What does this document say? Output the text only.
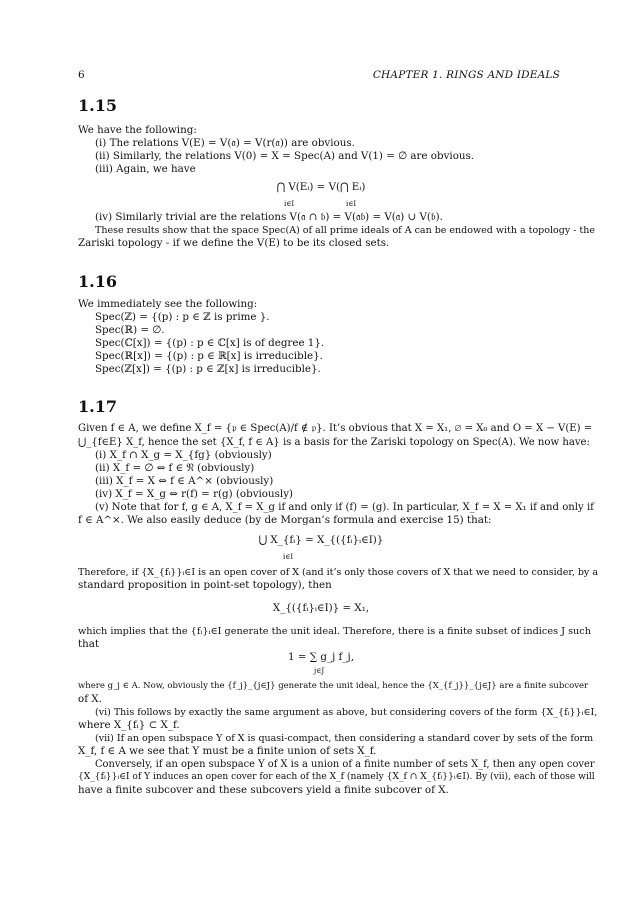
6	CHAPTER 1. RINGS AND IDEALS
1.15
We have the following:
(i) The relations V(E) = V(𝔞) = V(r(𝔞)) are obvious.
(ii) Similarly, the relations V(0) = X = Spec(A) and V(1) = ∅ are obvious.
(iii) Again, we have
⋂ V(Eᵢ) = V(⋂ Eᵢ)
i∈I	i∈I
(iv) Similarly trivial are the relations V(𝔞 ∩ 𝔟) = V(𝔞𝔟) = V(𝔞) ∪ V(𝔟).
These results show that the space Spec(A) of all prime ideals of A can be endowed with a topology - the
Zariski topology - if we define the V(E) to be its closed sets.
1.16
We immediately see the following:
Spec(ℤ) = {(p) : p ∈ ℤ is prime }.
Spec(ℝ) = ∅.
Spec(ℂ[x]) = {(p) : p ∈ ℂ[x] is of degree 1}.
Spec(ℝ[x]) = {(p) : p ∈ ℝ[x] is irreducible}.
Spec(ℤ[x]) = {(p) : p ∈ ℤ[x] is irreducible}.
1.17
Given f ∈ A, we define X_f = {𝔭 ∈ Spec(A)/f ∉ 𝔭}. It’s obvious that X = X₁, ∅ = X₀ and O = X − V(E) =
⋃_{f∈E} X_f, hence the set {X_f, f ∈ A} is a basis for the Zariski topology on Spec(A). We now have:
(i) X_f ∩ X_g = X_{fg} (obviously)
(ii) X_f = ∅ ⇔ f ∈ 𝔑 (obviously)
(iii) X_f = X ⇔ f ∈ A^× (obviously)
(iv) X_f = X_g ⇔ r(f) = r(g) (obviously)
(v) Note that for f, g ∈ A, X_f = X_g if and only if (f) = (g). In particular, X_f = X = X₁ if and only if
f ∈ A^×. We also easily deduce (by de Morgan’s formula and exercise 15) that:
⋃ X_{fᵢ} = X_{({fᵢ}ᵢ∈I)}
i∈I
Therefore, if {X_{fᵢ}}ᵢ∈I is an open cover of X (and it’s only those covers of X that we need to consider, by a
standard proposition in point-set topology), then
X_{({fᵢ}ᵢ∈I)} = X₁,
which implies that the {fᵢ}ᵢ∈I generate the unit ideal. Therefore, there is a finite subset of indices J such
that
1 = ∑ g_j f_j,
j∈J
where g_j ∈ A. Now, obviously the {f_j}_{j∈J} generate the unit ideal, hence the {X_{f_j}}_{j∈J} are a finite subcover
of X.
(vi) This follows by exactly the same argument as above, but considering covers of the form {X_{fᵢ}}ᵢ∈I,
where X_{fᵢ} ⊂ X_f.
(vii) If an open subspace Y of X is quasi-compact, then considering a standard cover by sets of the form
X_f, f ∈ A we see that Y must be a finite union of sets X_f.
Conversely, if an open subspace Y of X is a union of a finite number of sets X_f, then any open cover
{X_{fᵢ}}ᵢ∈I of Y induces an open cover for each of the X_f (namely {X_f ∩ X_{fᵢ}}ᵢ∈I). By (vii), each of those will
have a finite subcover and these subcovers yield a finite subcover of X.
